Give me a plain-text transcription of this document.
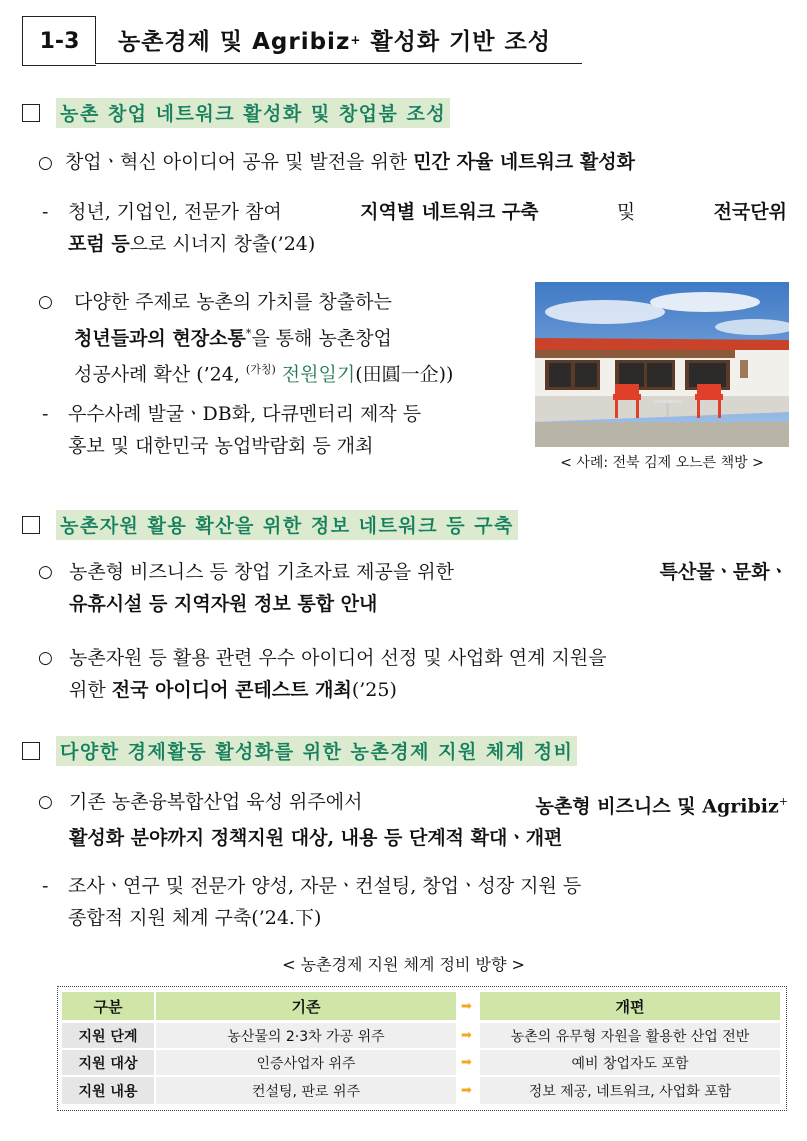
1-3	농촌경제 및 Agribiz + 활성화 기반 조성
농촌 창업 네트워크 활성화 및 창업붐 조성
○ 창업ㆍ혁신 아이디어 공유 및 발전을 위한 민간 자율 네트워크 활성화
-	청년, 기업인, 전문가 참여	지역별 네트워크 구축	및	전국단위
포럼 등으로 시너지 창출(’24)
○	다양한 주제로 농촌의 가치를 창출하는
청년들과의 현장소통*을 통해 농촌창업
성공사례 확산 (’24, $^{(가칭)}$ 전원일기(田圓一企))
-	우수사례 발굴ㆍDB화, 다큐멘터리 제작 등
홍보 및 대한민국 농업박람회 등 개최
< 사례: 전북 김제 오느른 책방 >
농촌자원 활용 확산을 위한 정보 네트워크 등 구축
○ 농촌형 비즈니스 등 창업 기초자료 제공을 위한	특산물ㆍ문화ㆍ
유휴시설 등 지역자원 정보 통합 안내
○ 농촌자원 등 활용 관련 우수 아이디어 선정 및 사업화 연계 지원을
위한 전국 아이디어 콘테스트 개최(’25)
다양한 경제활동 활성화를 위한 농촌경제 지원 체계 정비
○ 기존 농촌융복합산업 육성 위주에서	농촌형 비즈니스 및 Agribiz+
활성화 분야까지 정책지원 대상, 내용 등 단계적 확대ㆍ개편
-	조사ㆍ연구 및 전문가 양성, 자문ㆍ컨설팅, 창업ㆍ성장 지원 등
종합적 지원 체계 구축(’24.下)
< 농촌경제 지원 체계 정비 방향 >
구분	기존	➡	개편
지원 단계	농산물의 2·3차 가공 위주	➡	농촌의 유무형 자원을 활용한 산업 전반
지원 대상	인증사업자 위주	➡	예비 창업자도 포함
지원 내용	컨설팅, 판로 위주	➡	정보 제공, 네트워크, 사업화 포함
